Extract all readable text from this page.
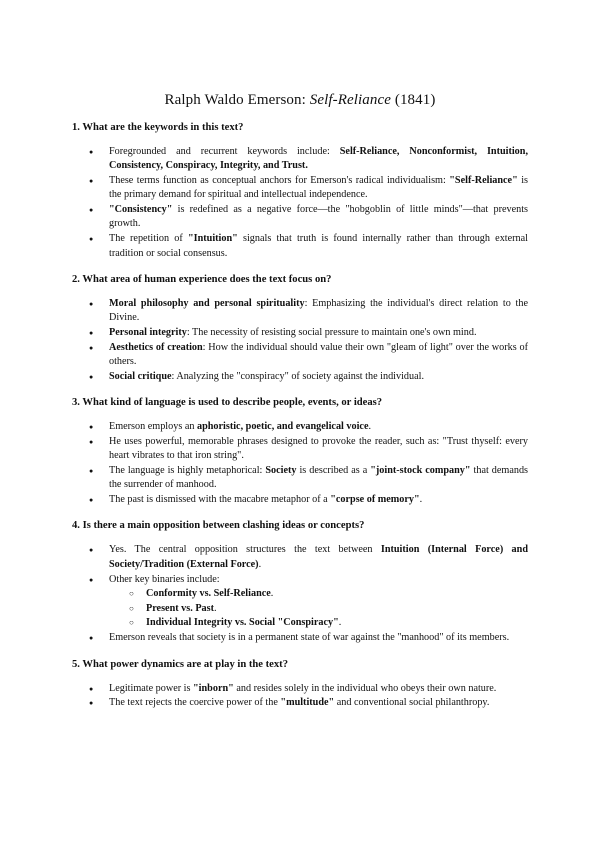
Ralph Waldo Emerson: Self-Reliance (1841)
1. What are the keywords in this text?
● Foregrounded and recurrent keywords include: Self-Reliance, Nonconformist, Intuition, Consistency, Conspiracy, Integrity, and Trust.
● These terms function as conceptual anchors for Emerson's radical individualism: "Self-Reliance" is the primary demand for spiritual and intellectual independence.
● "Consistency" is redefined as a negative force—the "hobgoblin of little minds"—that prevents growth.
● The repetition of "Intuition" signals that truth is found internally rather than through external tradition or social consensus.
2. What area of human experience does the text focus on?
● Moral philosophy and personal spirituality: Emphasizing the individual's direct relation to the Divine.
● Personal integrity: The necessity of resisting social pressure to maintain one's own mind.
● Aesthetics of creation: How the individual should value their own "gleam of light" over the works of others.
● Social critique: Analyzing the "conspiracy" of society against the individual.
3. What kind of language is used to describe people, events, or ideas?
● Emerson employs an aphoristic, poetic, and evangelical voice.
● He uses powerful, memorable phrases designed to provoke the reader, such as: "Trust thyself: every heart vibrates to that iron string".
● The language is highly metaphorical: Society is described as a "joint-stock company" that demands the surrender of manhood.
● The past is dismissed with the macabre metaphor of a "corpse of memory".
4. Is there a main opposition between clashing ideas or concepts?
● Yes. The central opposition structures the text between Intuition (Internal Force) and Society/Tradition (External Force).
● Other key binaries include:
○ Conformity vs. Self-Reliance.
○ Present vs. Past.
○ Individual Integrity vs. Social "Conspiracy".
● Emerson reveals that society is in a permanent state of war against the "manhood" of its members.
5. What power dynamics are at play in the text?
● Legitimate power is "inborn" and resides solely in the individual who obeys their own nature.
● The text rejects the coercive power of the "multitude" and conventional social philanthropy.
